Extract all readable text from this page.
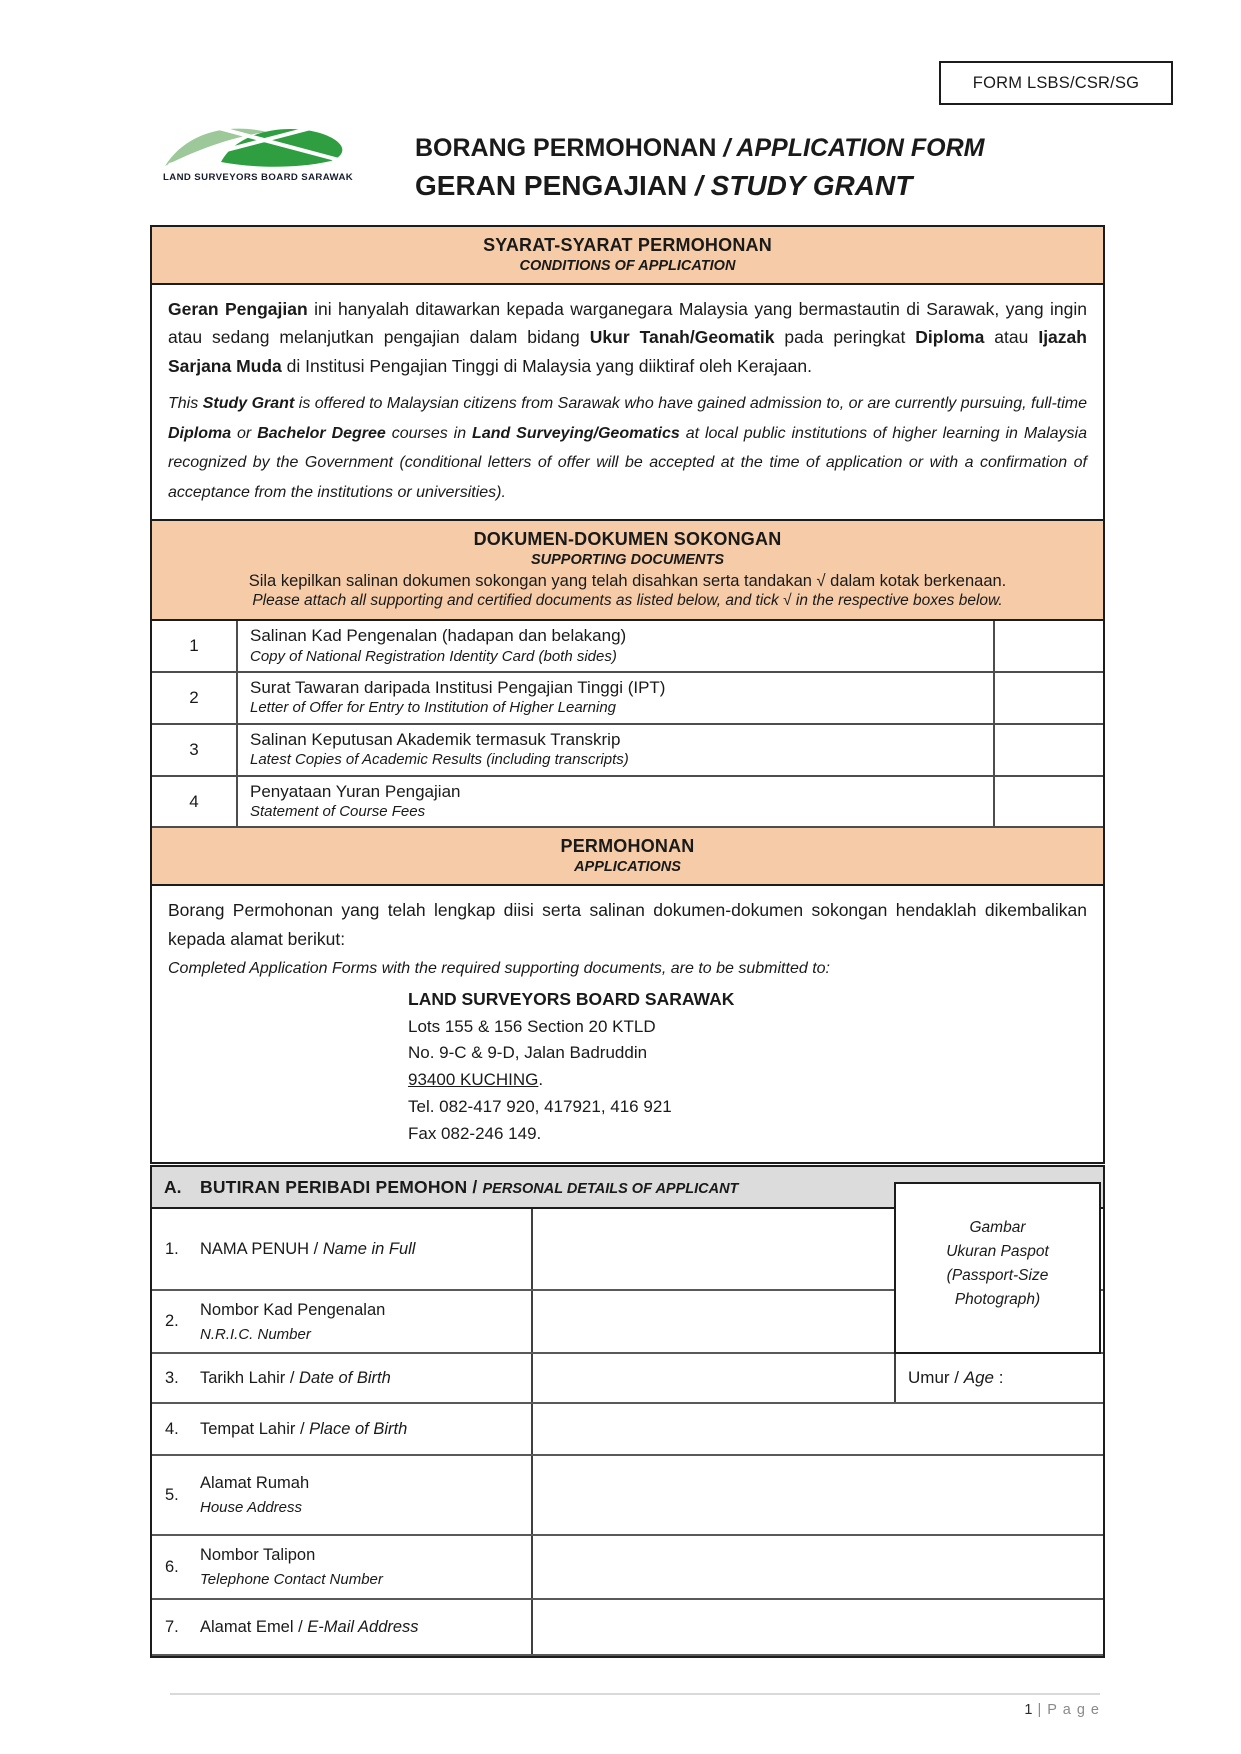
FORM LSBS/CSR/SG
LAND SURVEYORS BOARD SARAWAK
BORANG PERMOHONAN / APPLICATION FORM
GERAN PENGAJIAN / STUDY GRANT
SYARAT-SYARAT PERMOHONAN
CONDITIONS OF APPLICATION

Geran Pengajian ini hanyalah ditawarkan kepada warganegara Malaysia yang bermastautin di Sarawak, yang ingin atau sedang melanjutkan pengajian dalam bidang Ukur Tanah/Geomatik pada peringkat Diploma atau Ijazah Sarjana Muda di Institusi Pengajian Tinggi di Malaysia yang diiktiraf oleh Kerajaan.

This Study Grant is offered to Malaysian citizens from Sarawak who have gained admission to, or are currently pursuing, full-time Diploma or Bachelor Degree courses in Land Surveying/Geomatics at local public institutions of higher learning in Malaysia recognized by the Government (conditional letters of offer will be accepted at the time of application or with a confirmation of acceptance from the institutions or universities).

DOKUMEN-DOKUMEN SOKONGAN
SUPPORTING DOCUMENTS
Sila kepilkan salinan dokumen sokongan yang telah disahkan serta tandakan √ dalam kotak berkenaan.
Please attach all supporting and certified documents as listed below, and tick √ in the respective boxes below.
1
Salinan Kad Pengenalan (hadapan dan belakang)
Copy of National Registration Identity Card (both sides)
2
Surat Tawaran daripada Institusi Pengajian Tinggi (IPT)
Letter of Offer for Entry to Institution of Higher Learning
3
Salinan Keputusan Akademik termasuk Transkrip
Latest Copies of Academic Results (including transcripts)
4
Penyataan Yuran Pengajian
Statement of Course Fees
PERMOHONAN
APPLICATIONS

Borang Permohonan yang telah lengkap diisi serta salinan dokumen-dokumen sokongan hendaklah dikembalikan kepada alamat berikut:

Completed Application Forms with the required supporting documents, are to be submitted to:

LAND SURVEYORS BOARD SARAWAK
Lots 155 & 156 Section 20 KTLD
No. 9-C & 9-D, Jalan Badruddin
93400 KUCHING.
Tel. 082-417 920, 417921, 416 921
Fax 082-246 149.
A.	BUTIRAN PERIBADI PEMOHON / PERSONAL DETAILS OF APPLICANT
1.	NAMA PENUH / Name in Full
2.
Nombor Kad Pengenalan
N.R.I.C. Number
3.	Tarikh Lahir / Date of Birth	Umur / Age :
4.	Tempat Lahir / Place of Birth
5.
Alamat Rumah
House Address
6.
Nombor Talipon
Telephone Contact Number
7.	Alamat Emel / E-Mail Address
Gambar
Ukuran Paspot
(Passport-Size
Photograph)
1 | P a g e
